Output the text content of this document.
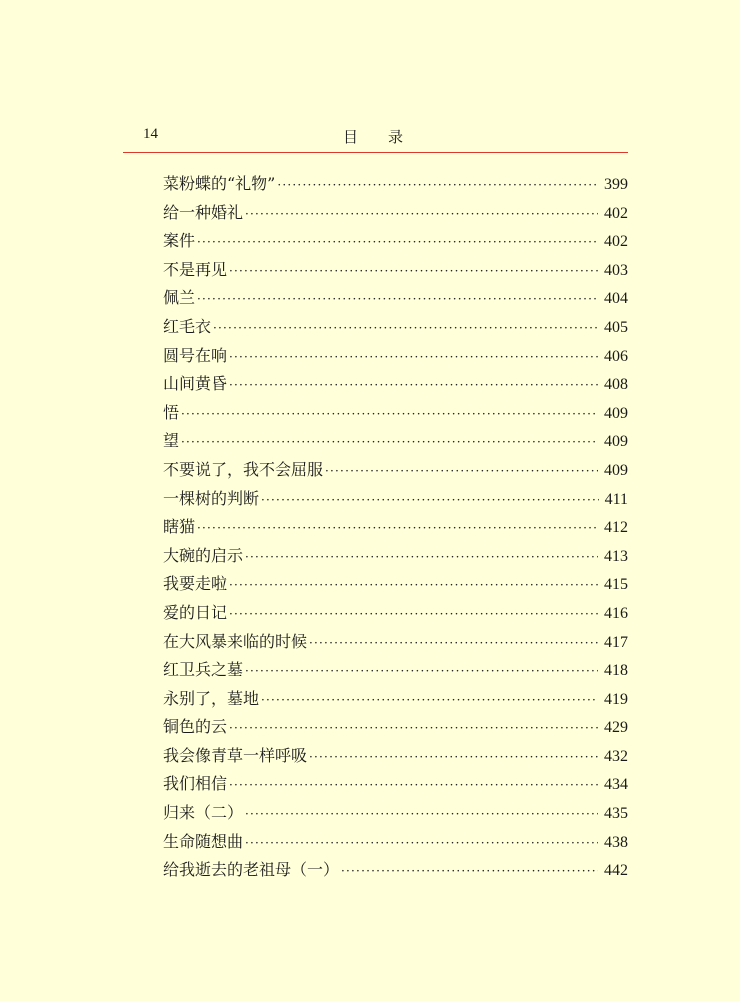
14	目录
菜粉蝶的“礼物” ·····	399
给一种婚礼 ·····	402
案件 ·····	402
不是再见 ·····	403
佩兰 ·····	404
红毛衣 ·····	405
圆号在响 ·····	406
山间黄昏 ·····	408
悟 ·····	409
望 ·····	409
不要说了，我不会屈服 ·····	409
一棵树的判断 ·····	411
瞎猫 ·····	412
大碗的启示 ·····	413
我要走啦 ·····	415
爱的日记 ·····	416
在大风暴来临的时候 ·····	417
红卫兵之墓 ·····	418
永别了，墓地 ·····	419
铜色的云 ·····	429
我会像青草一样呼吸 ·····	432
我们相信 ·····	434
归来（二） ·····	435
生命随想曲 ·····	438
给我逝去的老祖母（一） ·····	442
